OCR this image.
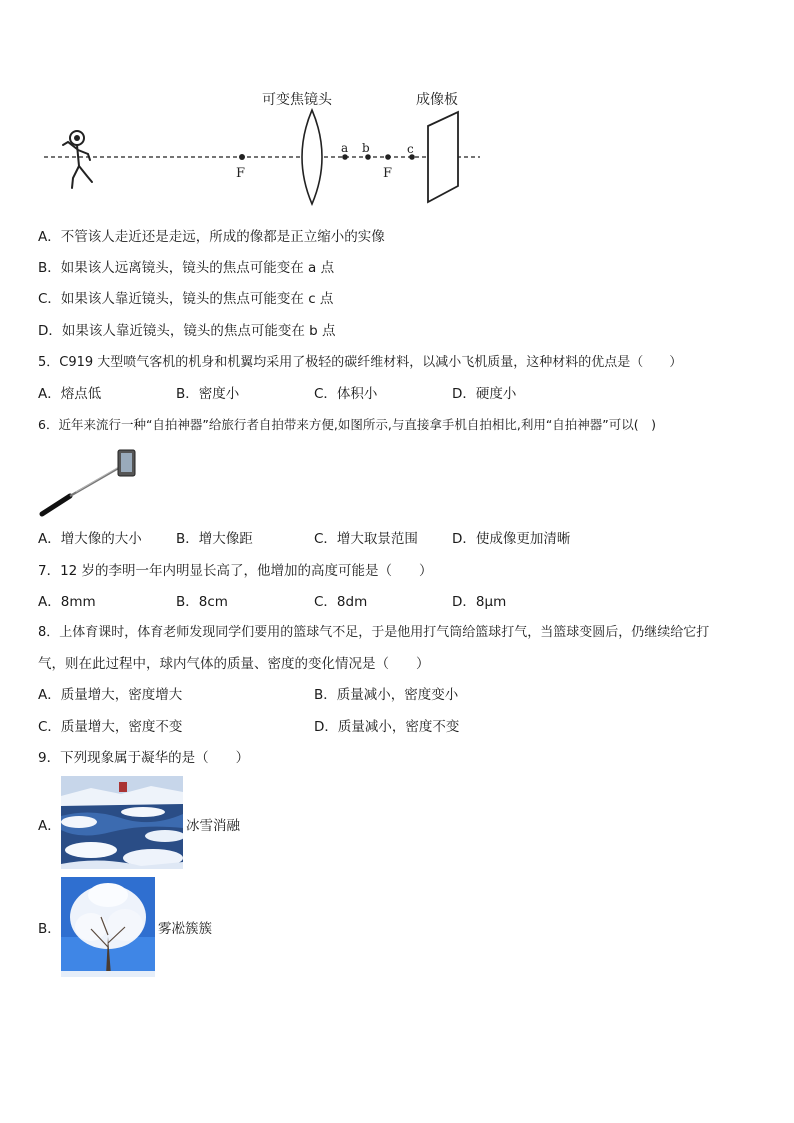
F
可变焦镜头
a b
F
c
成像板
A．不管该人走近还是走远，所成的像都是正立缩小的实像
B．如果该人远离镜头，镜头的焦点可能变在 a 点
C．如果该人靠近镜头，镜头的焦点可能变在 c 点
D．如果该人靠近镜头，镜头的焦点可能变在 b 点
5．C919 大型喷气客机的机身和机翼均采用了极轻的碳纤维材料，以减小飞机质量，这种材料的优点是（　　）
A．熔点低	B．密度小	C．体积小	D．硬度小
6．近年来流行一种“自拍神器”给旅行者自拍带来方便,如图所示,与直接拿手机自拍相比,利用“自拍神器”可以(　)
A．增大像的大小	B．增大像距	C．增大取景范围	D．使成像更加清晰
7．12 岁的李明一年内明显长高了，他增加的高度可能是（　　）
A．8mm	B．8cm	C．8dm	D．8μm
8．上体育课时，体育老师发现同学们要用的篮球气不足，于是他用打气筒给篮球打气，当篮球变圆后，仍继续给它打
气，则在此过程中，球内气体的质量、密度的变化情况是（　　）
A．质量增大，密度增大	B．质量减小，密度变小
C．质量增大，密度不变	D．质量减小，密度不变
9．下列现象属于凝华的是（　　）
A．	冰雪消融
B．	雾凇簇簇
